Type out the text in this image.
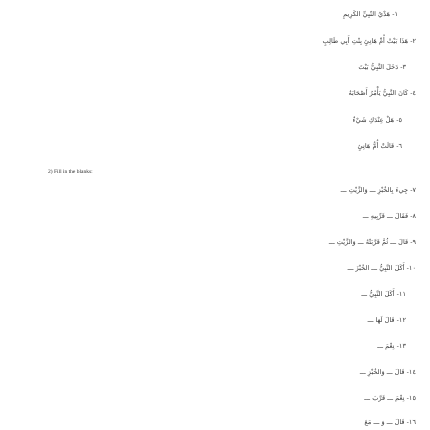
2) Fill in the blanks:
١- هَدْيُ النّبِيِّ الكَرِيمِ
٢- هَذَا بَيْتُ أُمِّ هَانِئٍ بِنْتِ أَبِي طَالِبٍ
٣- دَخَلَ النَّبِيُّ بَيْتَ
٤- كَانَ النَّبِيُّ يَأْمُرُ أَصْحَابَهُ
٥- هَلْ عِنْدَكِ شَيْءٌ
٦- قَالَتْ أُمُّ هَانِئٍ
٧- جِيءَ بِالخُبْزِ ـــ وَالزَّيْتِ ـــ
٨- فَقَالَ ـــ قَرِّبِيهِ ـــ
٩- قَالَ ـــ ثُمَّ قَرَّبَتْهُ ـــ وَالزَّيْتِ ـــ
١٠- أَكَلَ النَّبِيُّ ـــ الخُبْزَ ـــ
١١- أَكَلَ النَّبِيُّ ـــ
١٢- قَالَ لَهَا ـــ
١٣- نِعْمَ ـــ
١٤- قَالَ ـــ وَالخُبْزِ ـــ
١٥- نِعْمَ ـــ قَرَّبَ ـــ
١٦- قَالَ ـــ وَ ـــ مَعَ
